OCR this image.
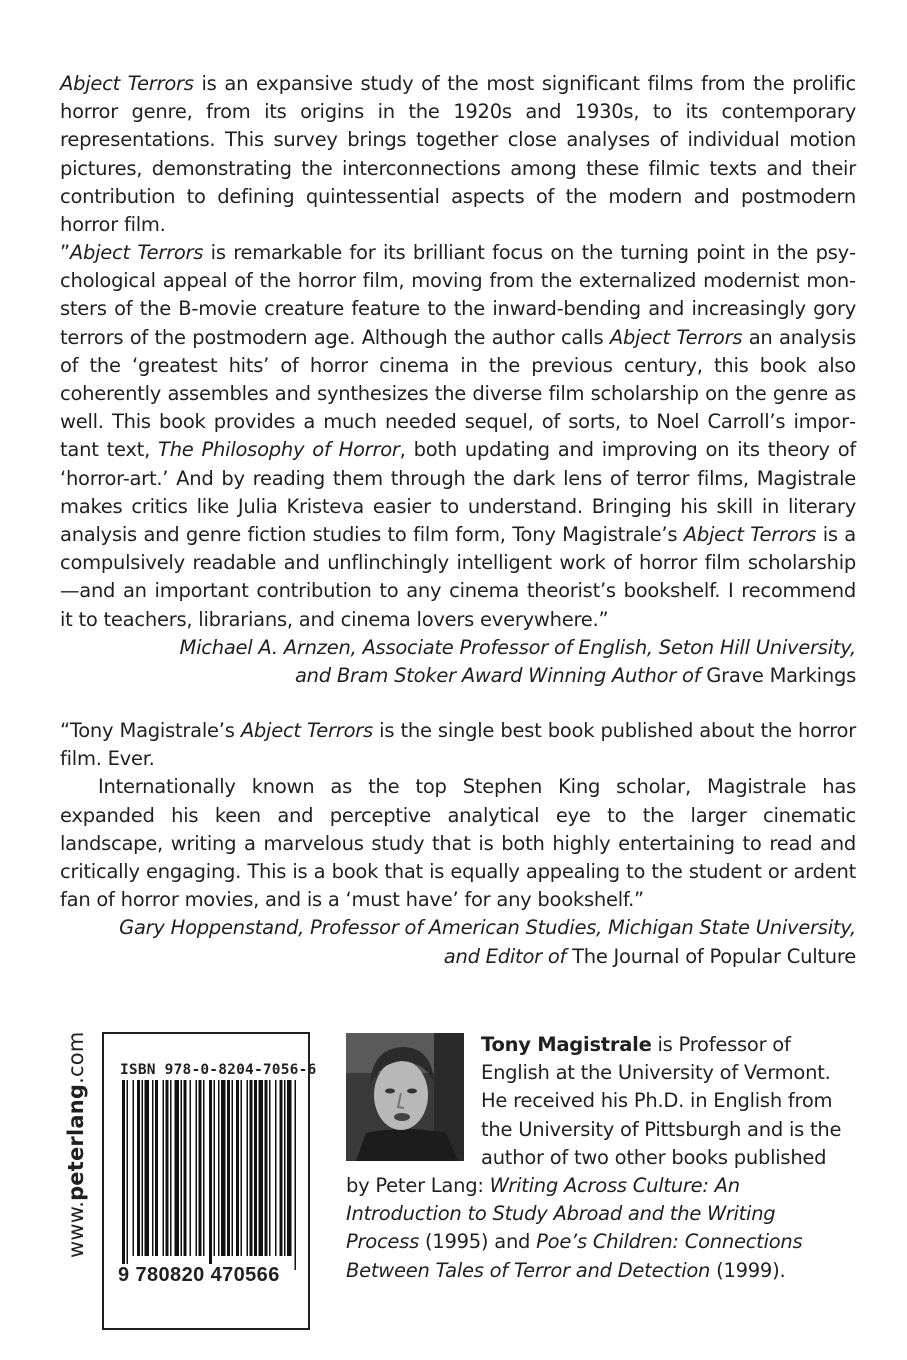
Abject Terrors is an expansive study of the most significant films from the prolific horror genre, from its origins in the 1920s and 1930s, to its contemporary representations. This survey brings together close analyses of individual motion pictures, demonstrating the interconnections among these filmic texts and their contribution to defining quintessential aspects of the modern and postmodern horror film.

”Abject Terrors is remarkable for its brilliant focus on the turning point in the psychological appeal of the horror film, moving from the externalized modernist monsters of the B-movie creature feature to the inward-bending and increasingly gory terrors of the postmodern age. Although the author calls Abject Terrors an analysis of the ‘greatest hits’ of horror cinema in the previous century, this book also coherently assembles and synthesizes the diverse film scholarship on the genre as well. This book provides a much needed sequel, of sorts, to Noel Carroll’s important text, The Philosophy of Horror, both updating and improving on its theory of ‘horror-art.’ And by reading them through the dark lens of terror films, Magistrale makes critics like Julia Kristeva easier to understand. Bringing his skill in literary analysis and genre fiction studies to film form, Tony Magistrale’s Abject Terrors is a compulsively readable and unflinchingly intelligent work of horror film scholarship—and an important contribution to any cinema theorist’s bookshelf. I recommend it to teachers, librarians, and cinema lovers everywhere.”

Michael A. Arnzen, Associate Professor of English, Seton Hill University,
and Bram Stoker Award Winning Author of Grave Markings

“Tony Magistrale’s Abject Terrors is the single best book published about the horror film. Ever.

Internationally known as the top Stephen King scholar, Magistrale has expanded his keen and perceptive analytical eye to the larger cinematic landscape, writing a marvelous study that is both highly entertaining to read and critically engaging. This is a book that is equally appealing to the student or ardent fan of horror movies, and is a ‘must have’ for any bookshelf.”

Gary Hoppenstand, Professor of American Studies, Michigan State University,
and Editor of The Journal of Popular Culture

www.peterlang.com ISBN 978-0-8204-7056-6
9 780820 470566

Tony Magistrale is Professor of English at the University of Vermont. He received his Ph.D. in English from the University of Pittsburgh and is the author of two other books published by Peter Lang: Writing Across Culture: An Introduction to Study Abroad and the Writing Process (1995) and Poe’s Children: Connections Between Tales of Terror and Detection (1999).
